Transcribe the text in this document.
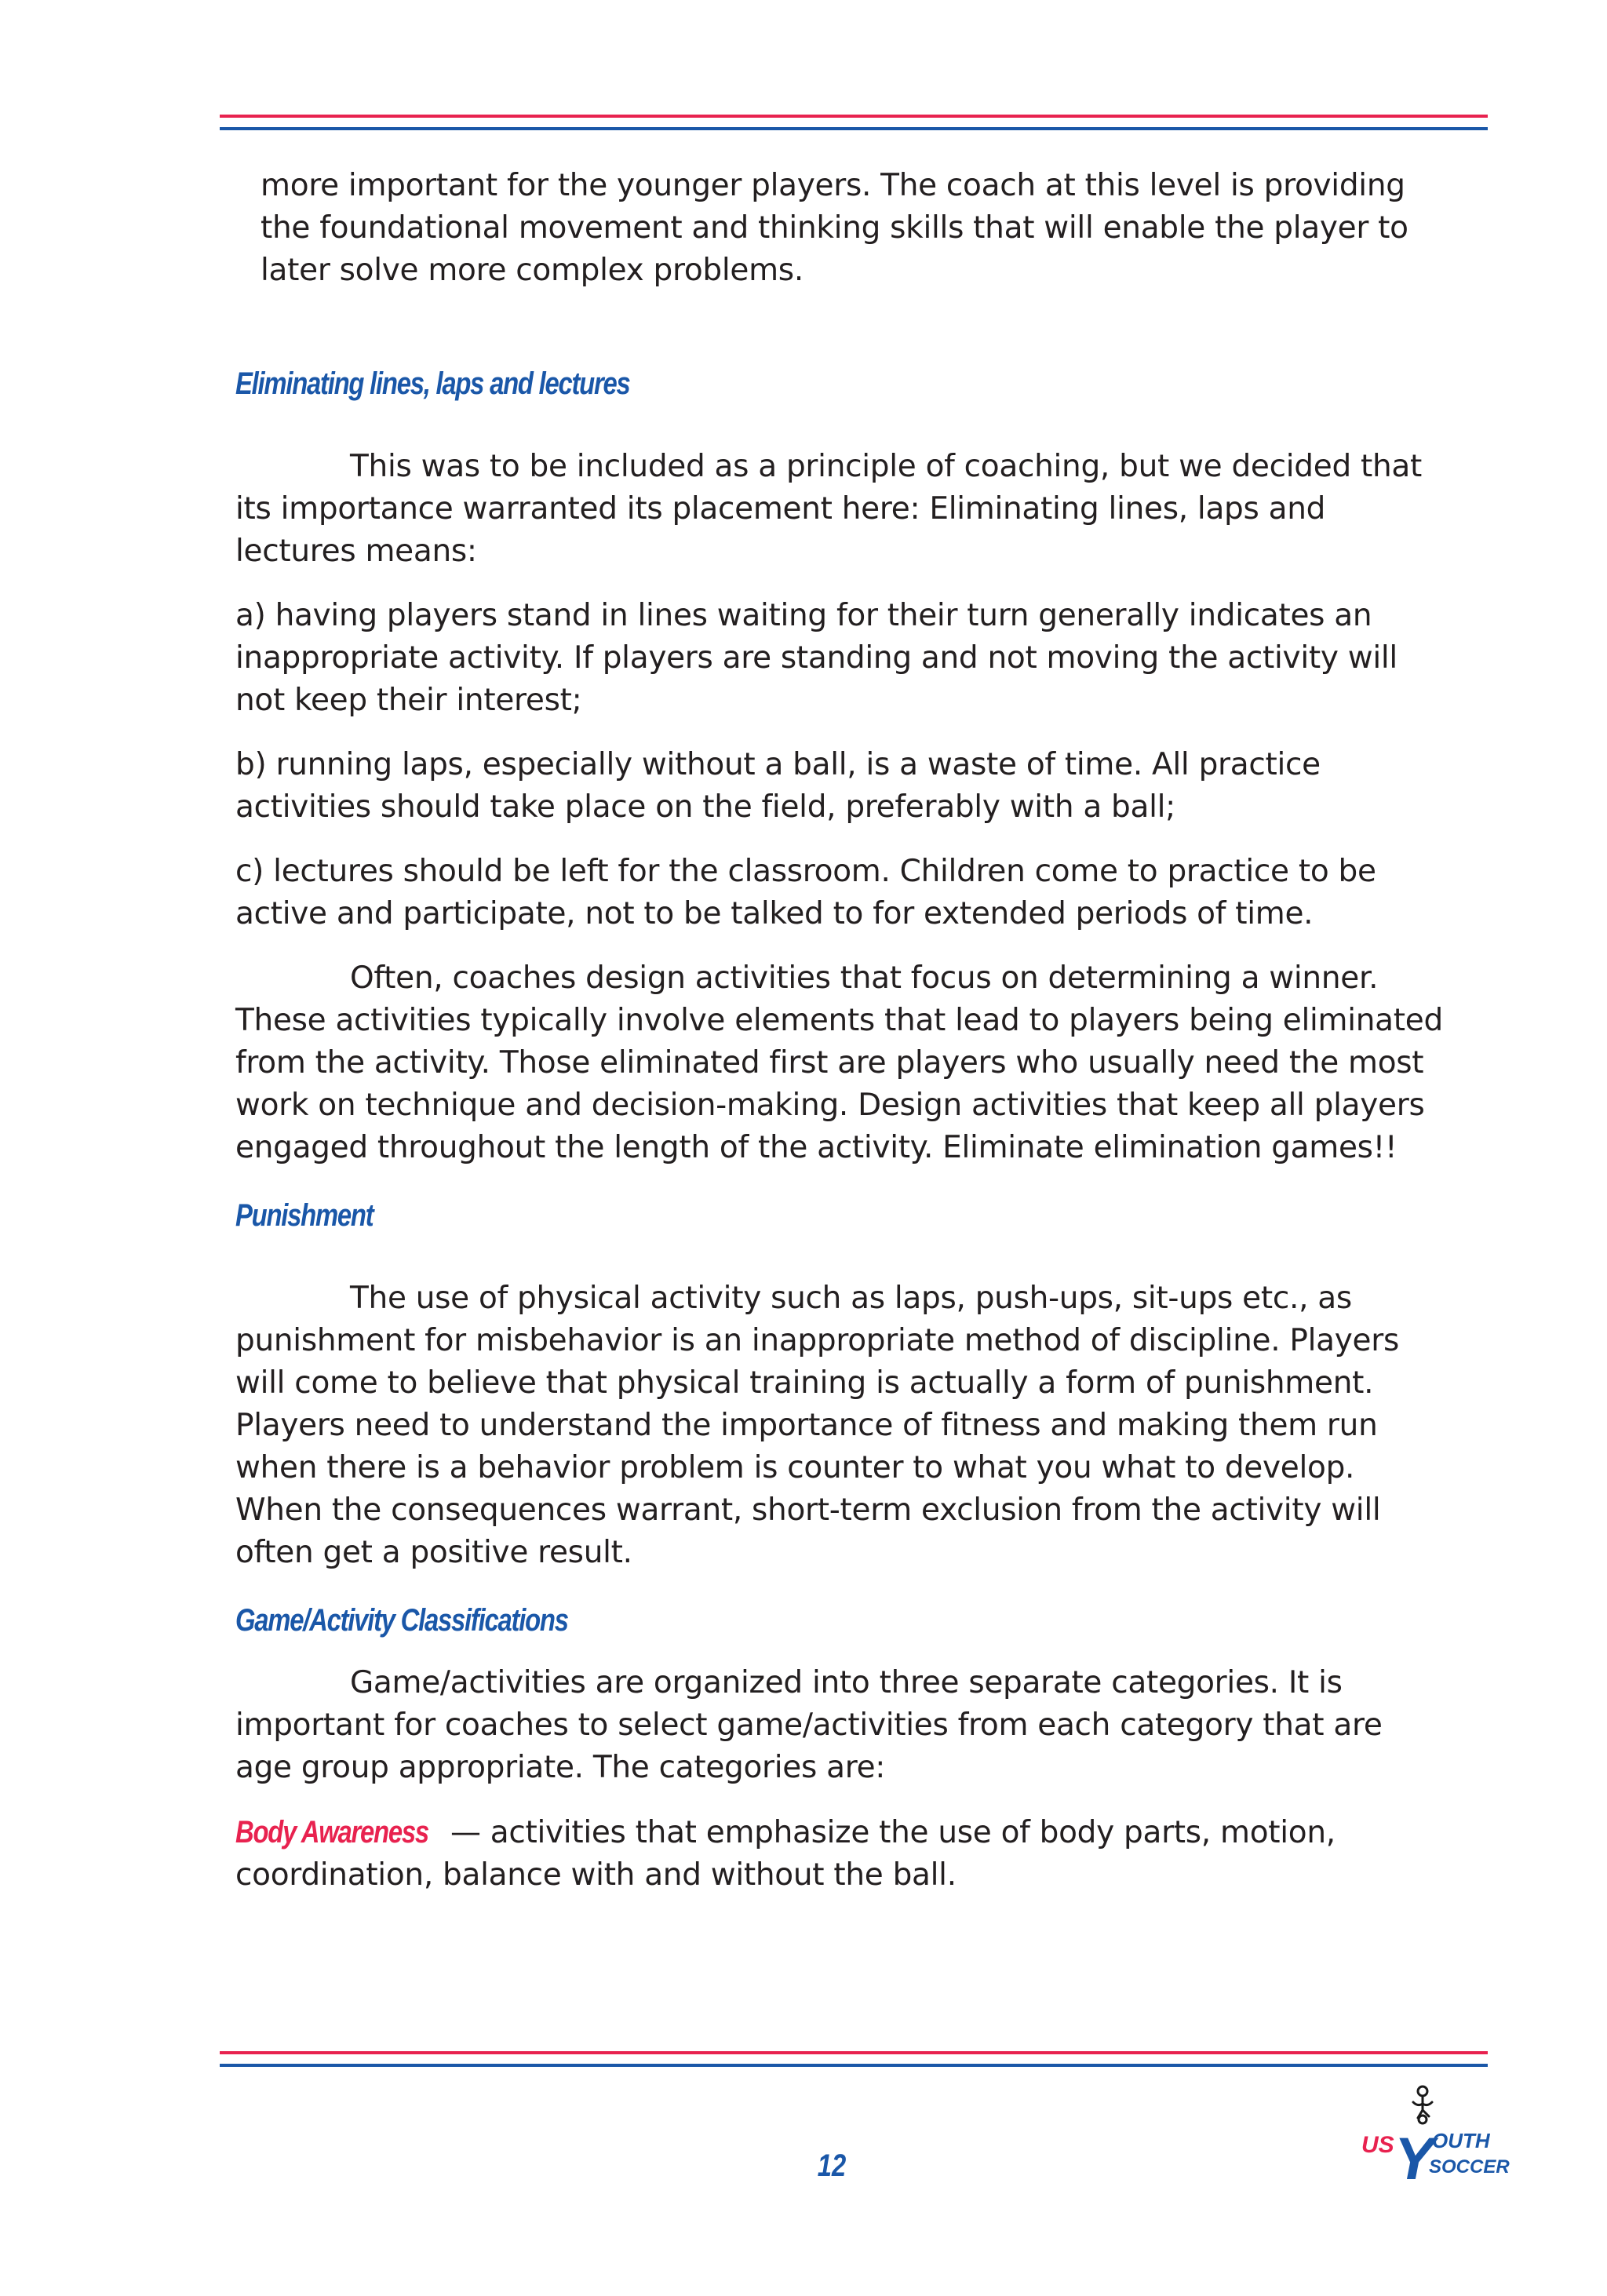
more important for the younger players. The coach at this level is providing the foundational movement and thinking skills that will enable the player to later solve more complex problems.

Eliminating lines, laps and lectures

This was to be included as a principle of coaching, but we decided that its importance warranted its placement here: Eliminating lines, laps and lectures means:

a) having players stand in lines waiting for their turn generally indicates an inappropriate activity. If players are standing and not moving the activity will not keep their interest;

b) running laps, especially without a ball, is a waste of time. All practice activities should take place on the field, preferably with a ball;

c) lectures should be left for the classroom. Children come to practice to be active and participate, not to be talked to for extended periods of time.

Often, coaches design activities that focus on determining a winner. These activities typically involve elements that lead to players being eliminated from the activity. Those eliminated first are players who usually need the most work on technique and decision-making. Design activities that keep all players engaged throughout the length of the activity. Eliminate elimination games!!

Punishment

The use of physical activity such as laps, push-ups, sit-ups etc., as punishment for misbehavior is an inappropriate method of discipline. Players will come to believe that physical training is actually a form of punishment. Players need to understand the importance of fitness and making them run when there is a behavior problem is counter to what you what to develop. When the consequences warrant, short-term exclusion from the activity will often get a positive result.

Game/Activity Classifications

Game/activities are organized into three separate categories. It is important for coaches to select game/activities from each category that are age group appropriate. The categories are:

Body Awareness — activities that emphasize the use of body parts, motion, coordination, balance with and without the ball.

12
US Y
OUTH
SOCCER
